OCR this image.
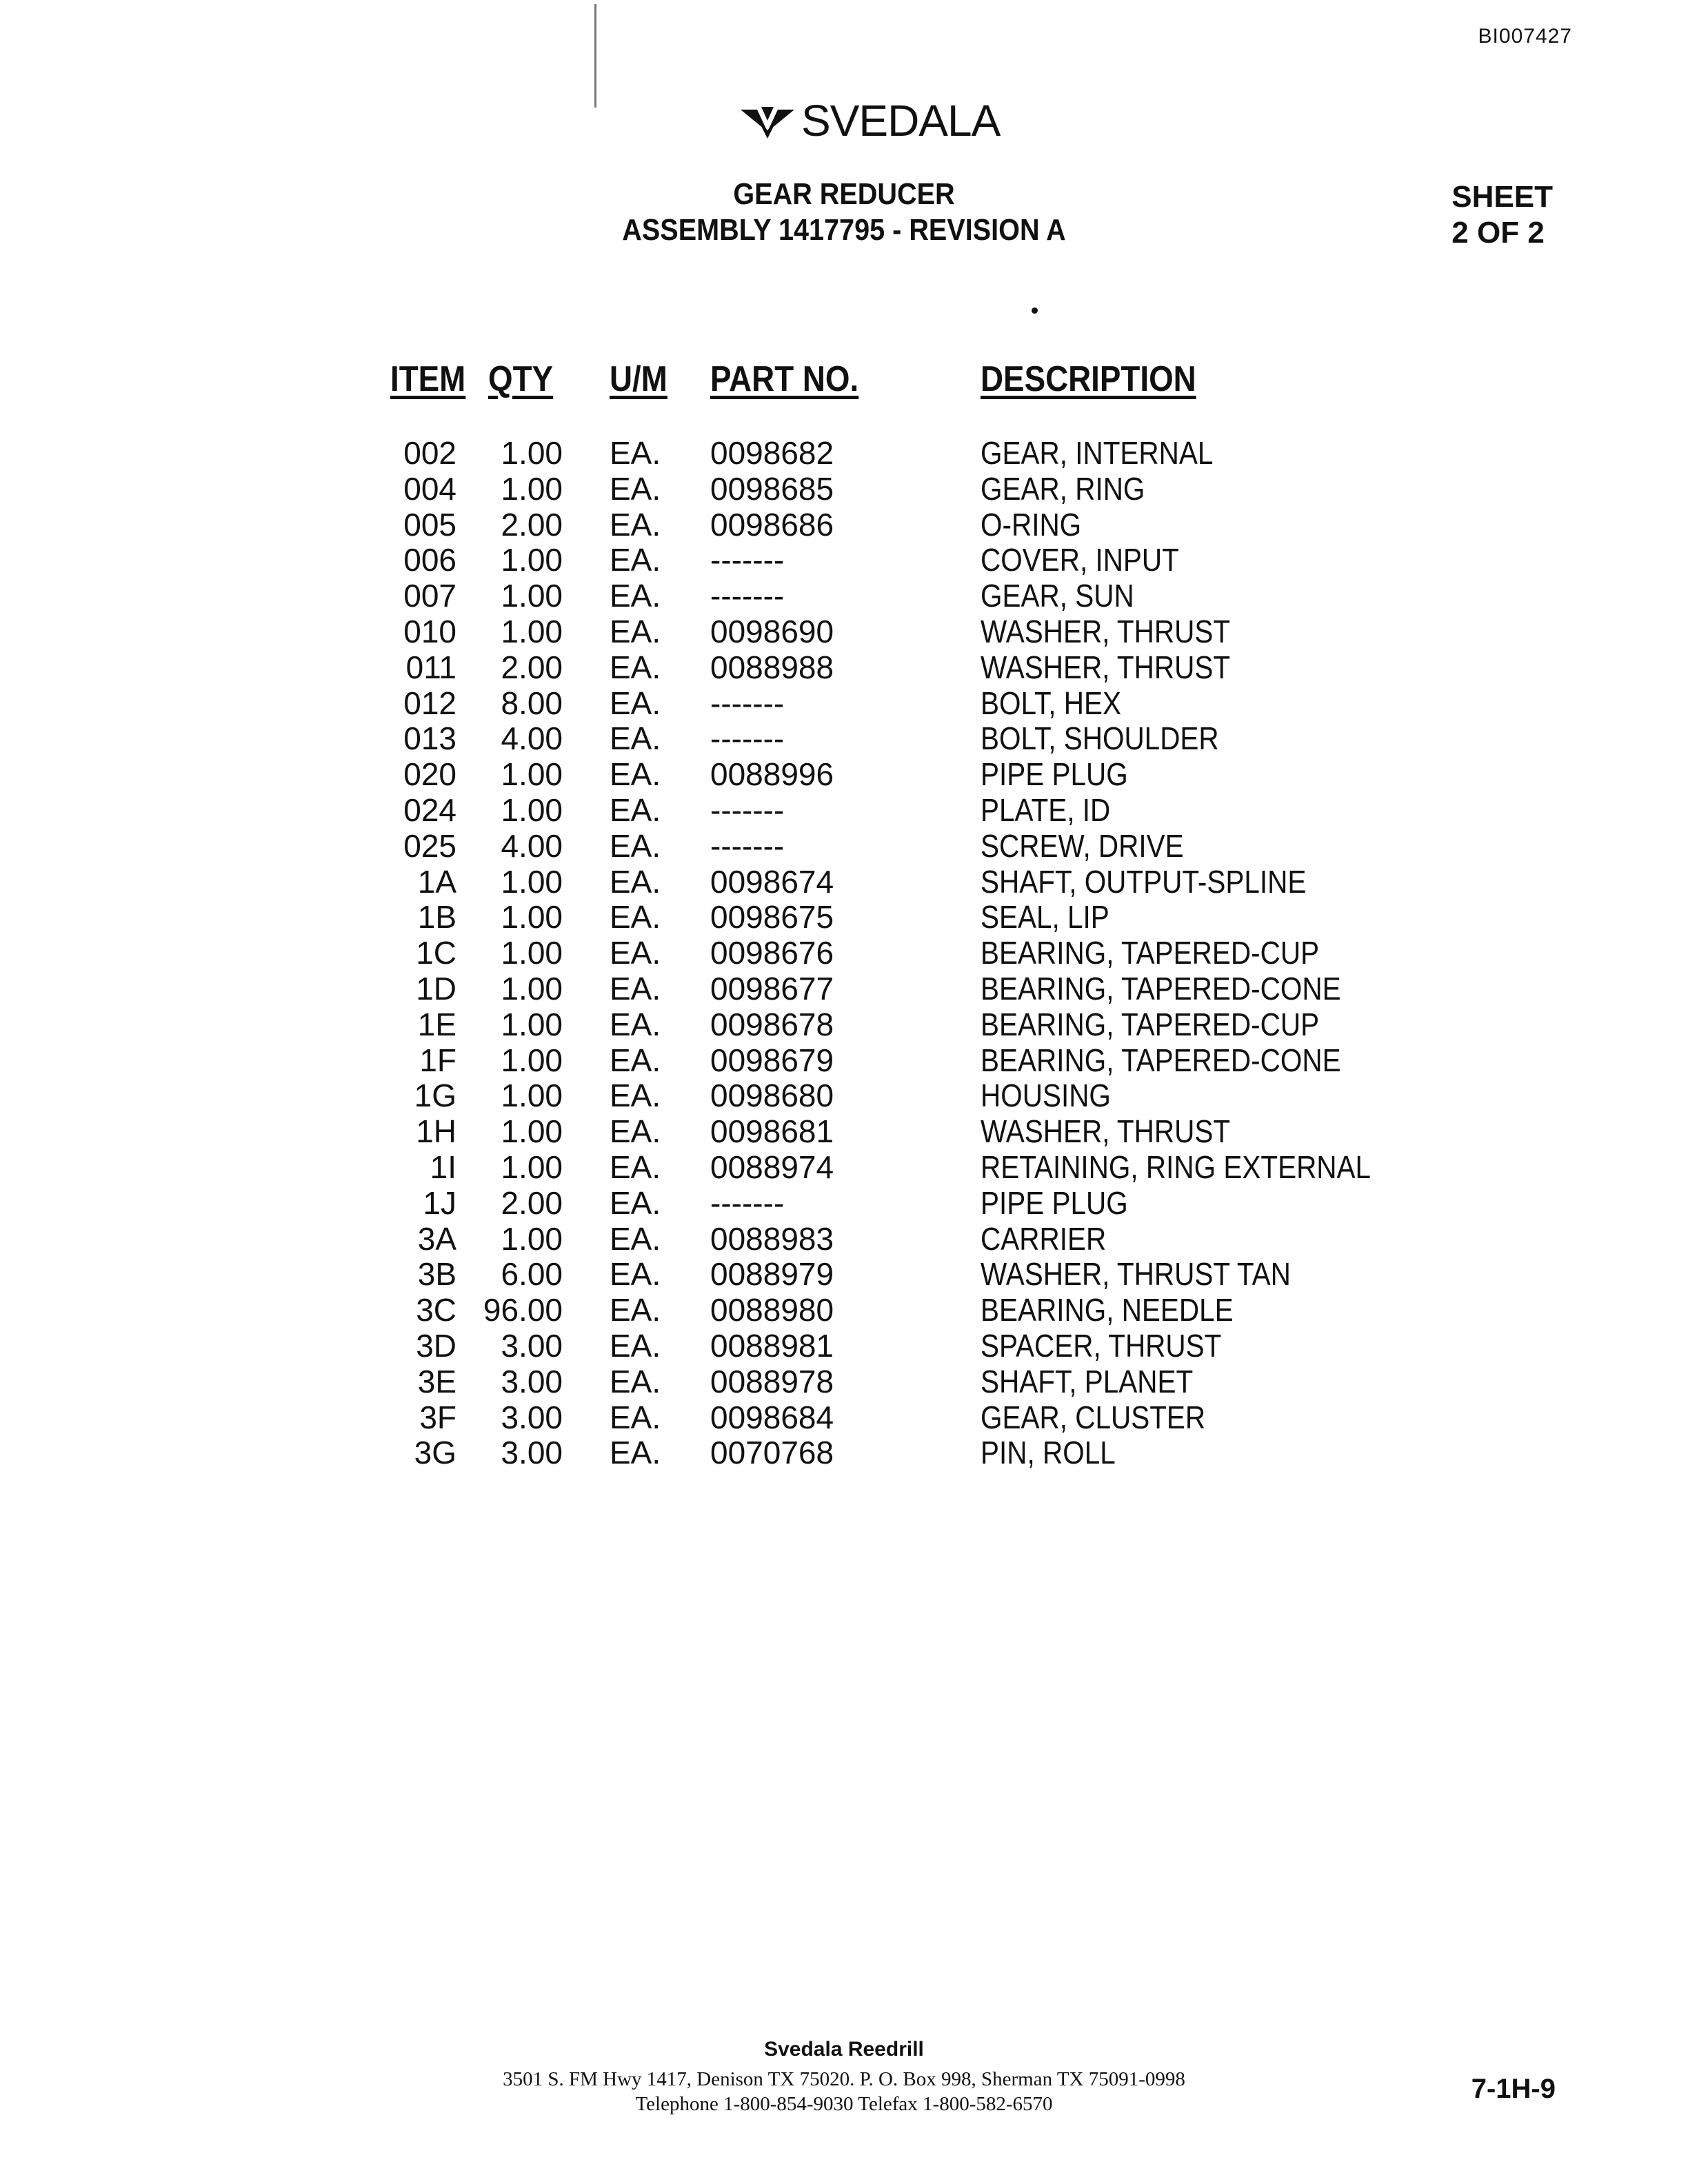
BI007427
SVEDALA
GEAR REDUCER
ASSEMBLY 1417795 - REVISION A
SHEET
2 OF 2
ITEM QTY U/M PART NO.	DESCRIPTION
002	1.00 EA. 0098682	GEAR, INTERNAL
004	1.00 EA. 0098685	GEAR, RING
005	2.00 EA. 0098686	O-RING
006	1.00 EA. -------	COVER, INPUT
007	1.00 EA. -------	GEAR, SUN
010	1.00 EA. 0098690	WASHER, THRUST
011	2.00 EA. 0088988	WASHER, THRUST
012	8.00 EA. -------	BOLT, HEX
013	4.00 EA. -------	BOLT, SHOULDER
020	1.00 EA. 0088996	PIPE PLUG
024	1.00 EA. -------	PLATE, ID
025	4.00 EA. -------	SCREW, DRIVE
1A	1.00 EA. 0098674	SHAFT, OUTPUT-SPLINE
1B	1.00 EA. 0098675	SEAL, LIP
1C	1.00 EA. 0098676	BEARING, TAPERED-CUP
1D	1.00 EA. 0098677	BEARING, TAPERED-CONE
1E	1.00 EA. 0098678	BEARING, TAPERED-CUP
1F	1.00 EA. 0098679	BEARING, TAPERED-CONE
1G	1.00 EA. 0098680	HOUSING
1H	1.00 EA. 0098681	WASHER, THRUST
1I	1.00 EA. 0088974	RETAINING, RING EXTERNAL
1J	2.00 EA. -------	PIPE PLUG
3A	1.00 EA. 0088983	CARRIER
3B	6.00 EA. 0088979	WASHER, THRUST TAN
3C 96.00 EA. 0088980	BEARING, NEEDLE
3D	3.00 EA. 0088981	SPACER, THRUST
3E	3.00 EA. 0088978	SHAFT, PLANET
3F	3.00 EA. 0098684	GEAR, CLUSTER
3G	3.00 EA. 0070768	PIN, ROLL
Svedala Reedrill
3501 S. FM Hwy 1417, Denison TX 75020. P. O. Box 998, Sherman TX 75091-0998
Telephone 1-800-854-9030 Telefax 1-800-582-6570	7-1H-9
